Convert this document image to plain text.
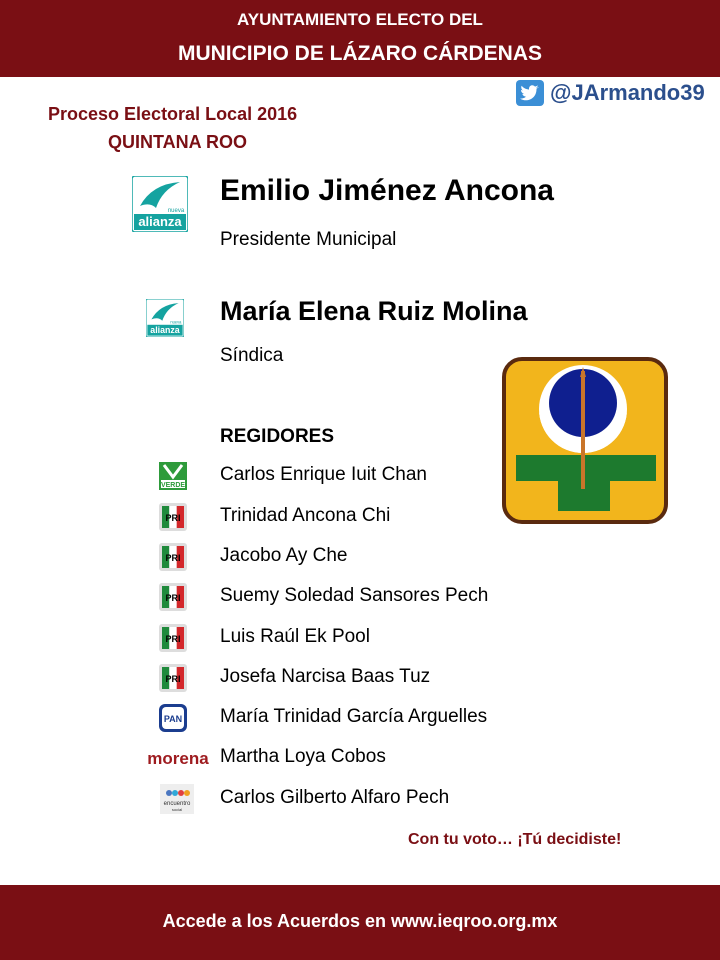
AYUNTAMIENTO ELECTO DEL
MUNICIPIO DE LÁZARO CÁRDENAS
@JArmando39
Proceso Electoral Local 2016
QUINTANA ROO
alianza
nueva
Emilio Jiménez Ancona
Presidente Municipal
alianza
nueva María Elena Ruiz Molina
Síndica
REGIDORES
VERDE
Carlos Enrique Iuit Chan
PRI Trinidad Ancona Chi
PRI Jacobo Ay Che
PRI Suemy Soledad Sansores Pech
PRI Luis Raúl Ek Pool
PRI Josefa Narcisa Baas Tuz
PAN María Trinidad García Arguelles
morena Martha Loya Cobos
encuentro
social
Carlos Gilberto Alfaro Pech
Con tu voto… ¡Tú decidiste!
Accede a los Acuerdos en www.ieqroo.org.mx
